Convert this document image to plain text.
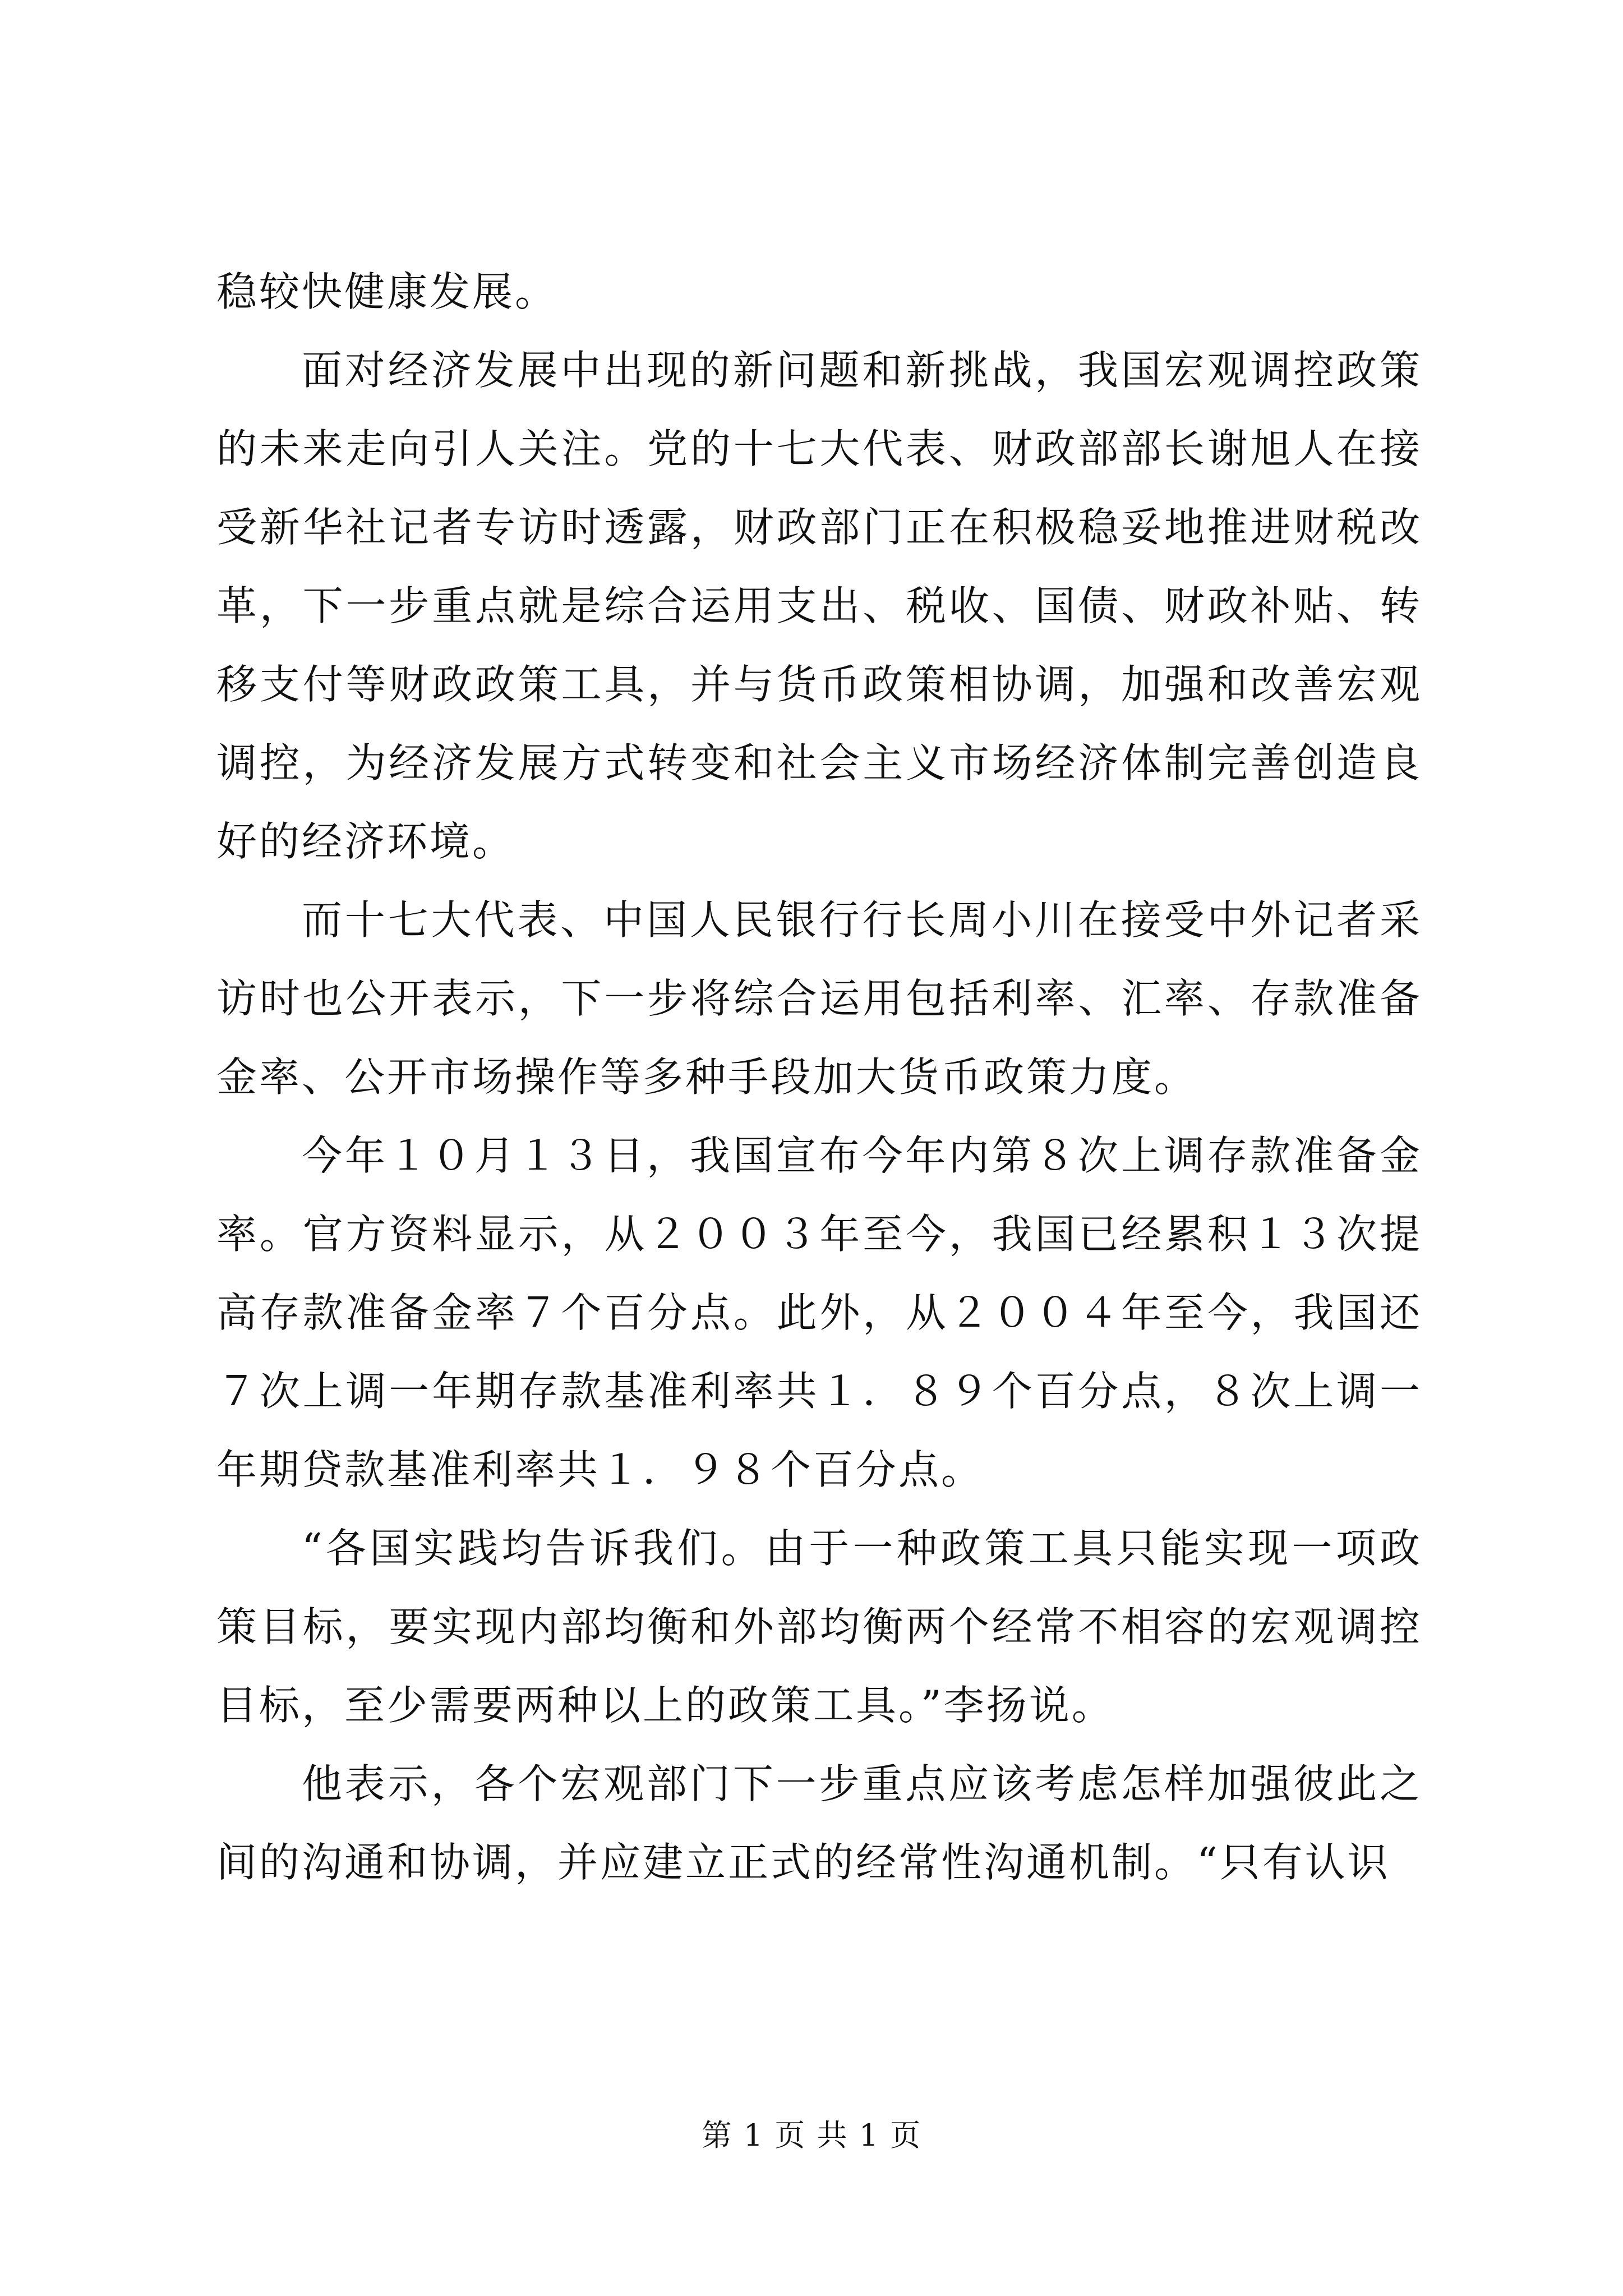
稳较快健康发展。

面对经济发展中出现的新问题和新挑战，我国宏观调控政策的未来走向引人关注。党的十七大代表、财政部部长谢旭人在接受新华社记者专访时透露，财政部门正在积极稳妥地推进财税改革，下一步重点就是综合运用支出、税收、国债、财政补贴、转移支付等财政政策工具，并与货币政策相协调，加强和改善宏观调控，为经济发展方式转变和社会主义市场经济体制完善创造良好的经济环境。

而十七大代表、中国人民银行行长周小川在接受中外记者采访时也公开表示，下一步将综合运用包括利率、汇率、存款准备金率、公开市场操作等多种手段加大货币政策力度。

今年１０月１３日，我国宣布今年内第８次上调存款准备金率。官方资料显示，从２００３年至今，我国已经累积１３次提高存款准备金率７个百分点。此外，从２００４年至今，我国还７次上调一年期存款基准利率共１．８９个百分点，８次上调一年期贷款基准利率共１．９８个百分点。

“各国实践均告诉我们。由于一种政策工具只能实现一项政策目标，要实现内部均衡和外部均衡两个经常不相容的宏观调控目标，至少需要两种以上的政策工具。”李扬说。

他表示，各个宏观部门下一步重点应该考虑怎样加强彼此之间的沟通和协调，并应建立正式的经常性沟通机制。“只有认识

第 1 页 共 1 页
